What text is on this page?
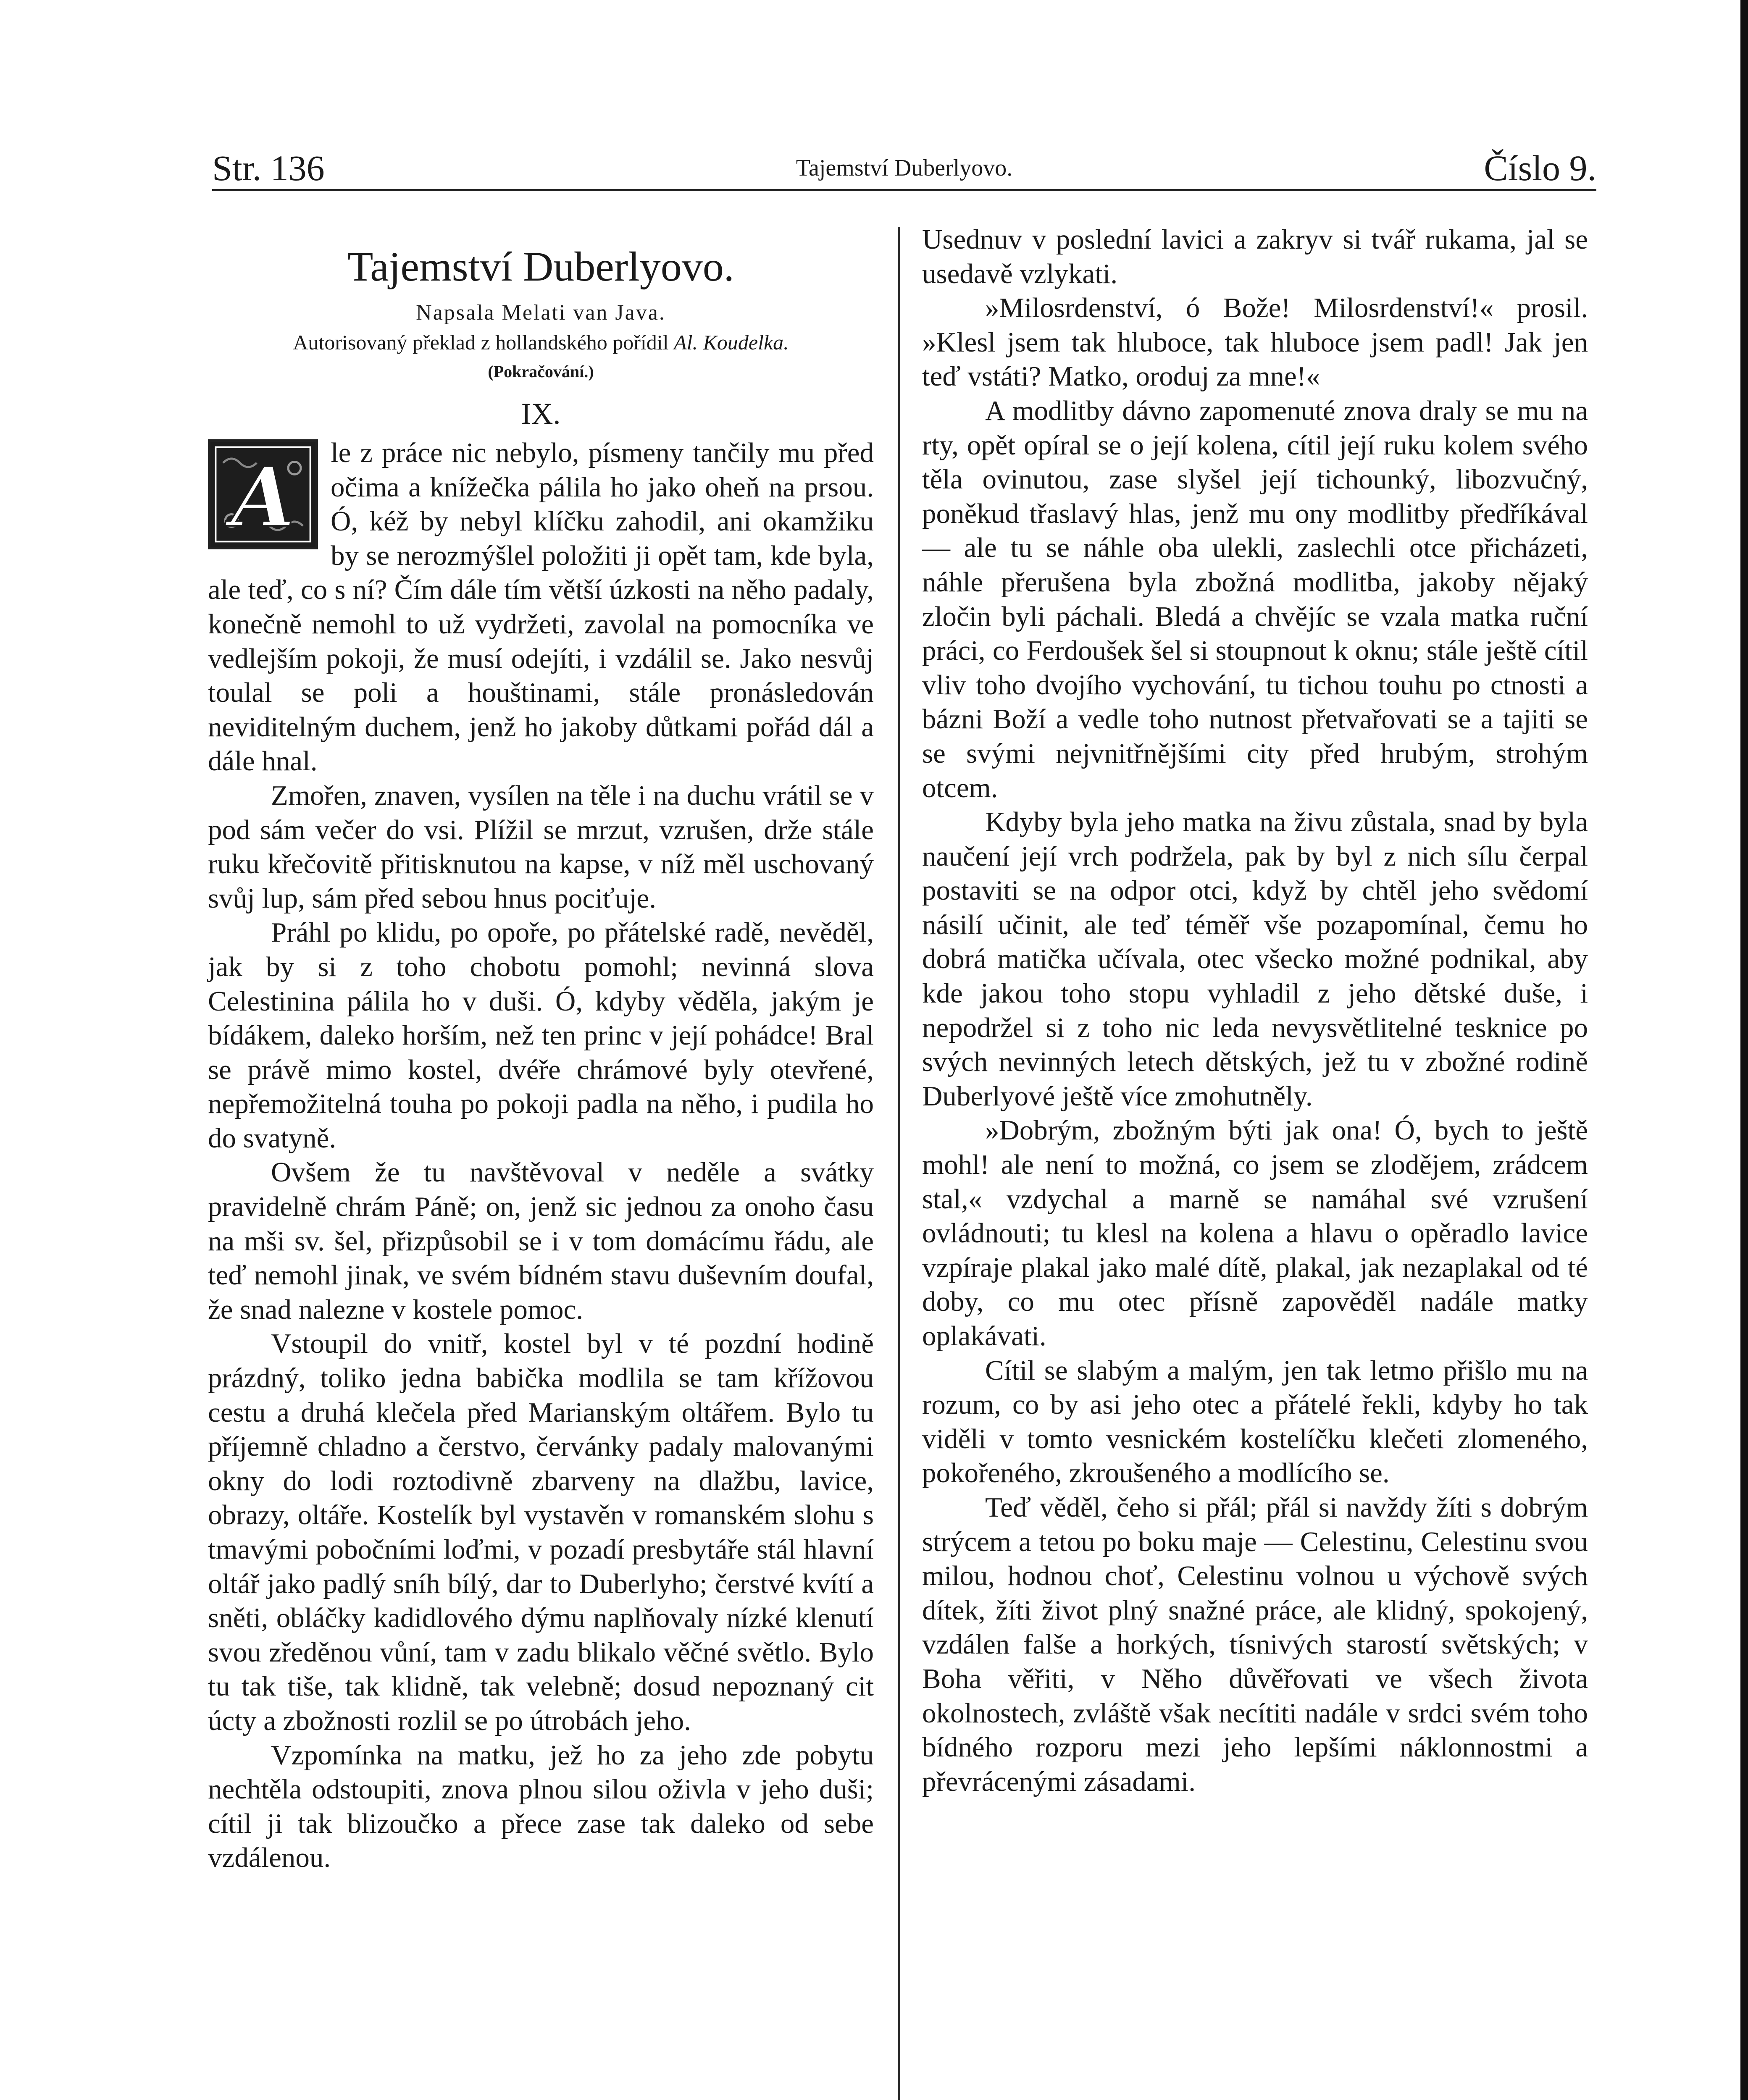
Str. 136	Tajemství Duberlyovo.	Číslo 9.
Tajemství Duberlyovo.
Napsala Melati van Java.
Autorisovaný překlad z hollandského pořídil Al. Koudelka.
(Pokračování.)
IX.
A	le z práce nic nebylo, písmeny tančily mu před očima a knížečka pálila ho jako oheň na prsou. Ó, kéž by nebyl klíčku zahodil, ani okamžiku by se nerozmýšlel položiti ji opět tam, kde byla, ale teď, co s ní? Čím dále tím větší úzkosti na něho padaly, konečně nemohl to už vydržeti, zavolal na pomocníka ve vedlejším pokoji, že musí odejíti, i vzdálil se. Jako nesvůj toulal se poli a houštinami, stále pronásledován neviditelným duchem, jenž ho jakoby důtkami pořád dál a dále hnal.

Zmořen, znaven, vysílen na těle i na duchu vrátil se v pod sám večer do vsi. Plížil se mrzut, vzrušen, drže stále ruku křečovitě přitisknutou na kapse, v níž měl uschovaný svůj lup, sám před sebou hnus pociťuje.

Práhl po klidu, po opoře, po přátelské radě, nevěděl, jak by si z toho chobotu pomohl; nevinná slova Celestinina pálila ho v duši. Ó, kdyby věděla, jakým je bídákem, daleko horším, než ten princ v její pohádce! Bral se právě mimo kostel, dvéře chrámové byly otevřené, nepřemožitelná touha po pokoji padla na něho, i pudila ho do svatyně.

Ovšem že tu navštěvoval v neděle a svátky pravidelně chrám Páně; on, jenž sic jednou za onoho času na mši sv. šel, přizpůsobil se i v tom domácímu řádu, ale teď nemohl jinak, ve svém bídném stavu duševním doufal, že snad nalezne v kostele pomoc.

Vstoupil do vnitř, kostel byl v té pozdní hodině prázdný, toliko jedna babička modlila se tam křížovou cestu a druhá klečela před Marianským oltářem. Bylo tu příjemně chladno a čerstvo, červánky padaly malovanými okny do lodi roztodivně zbarveny na dlažbu, lavice, obrazy, oltáře. Kostelík byl vystavěn v romanském slohu s tmavými pobočními loďmi, v pozadí presbytáře stál hlavní oltář jako padlý sníh bílý, dar to Duberlyho; čerstvé kvítí a sněti, obláčky kadidlového dýmu naplňovaly nízké klenutí svou zředěnou vůní, tam v zadu blikalo věčné světlo. Bylo tu tak tiše, tak klidně, tak velebně; dosud nepoznaný cit úcty a zbožnosti rozlil se po útrobách jeho.

Vzpomínka na matku, jež ho za jeho zde pobytu nechtěla odstoupiti, znova plnou silou oživla v jeho duši; cítil ji tak blizoučko a přece zase tak daleko od sebe vzdálenou.

Usednuv v poslední lavici a zakryv si tvář rukama, jal se usedavě vzlykati.

»Milosrdenství, ó Bože! Milosrdenství!« prosil. »Klesl jsem tak hluboce, tak hluboce jsem padl! Jak jen teď vstáti? Matko, oroduj za mne!«

A modlitby dávno zapomenuté znova draly se mu na rty, opět opíral se o její kolena, cítil její ruku kolem svého těla ovinutou, zase slyšel její tichounký, libozvučný, poněkud třaslavý hlas, jenž mu ony modlitby předříkával — ale tu se náhle oba ulekli, zaslechli otce přicházeti, náhle přerušena byla zbožná modlitba, jakoby nějaký zločin byli páchali. Bledá a chvějíc se vzala matka ruční práci, co Ferdoušek šel si stoupnout k oknu; stále ještě cítil vliv toho dvojího vychování, tu tichou touhu po ctnosti a bázni Boží a vedle toho nutnost přetvařovati se a tajiti se se svými nejvnitřnějšími city před hrubým, strohým otcem.

Kdyby byla jeho matka na živu zůstala, snad by byla naučení její vrch podržela, pak by byl z nich sílu čerpal postaviti se na odpor otci, když by chtěl jeho svědomí násilí učinit, ale teď téměř vše pozapomínal, čemu ho dobrá matička učívala, otec všecko možné podnikal, aby kde jakou toho stopu vyhladil z jeho dětské duše, i nepodržel si z toho nic leda nevysvětlitelné tesknice po svých nevinných letech dětských, jež tu v zbožné rodině Duberlyové ještě více zmohutněly.

»Dobrým, zbožným býti jak ona! Ó, bych to ještě mohl! ale není to možná, co jsem se zlodějem, zrádcem stal,« vzdychal a marně se namáhal své vzrušení ovládnouti; tu klesl na kolena a hlavu o opěradlo lavice vzpíraje plakal jako malé dítě, plakal, jak nezaplakal od té doby, co mu otec přísně zapověděl nadále matky oplakávati.

Cítil se slabým a malým, jen tak letmo přišlo mu na rozum, co by asi jeho otec a přátelé řekli, kdyby ho tak viděli v tomto vesnickém kostelíčku klečeti zlomeného, pokořeného, zkroušeného a modlícího se.

Teď věděl, čeho si přál; přál si navždy žíti s dobrým strýcem a tetou po boku maje — Celestinu, Celestinu svou milou, hodnou choť, Celestinu volnou u výchově svých dítek, žíti život plný snažné práce, ale klidný, spokojený, vzdálen falše a horkých, tísnivých starostí světských; v Boha věřiti, v Něho důvěřovati ve všech života okolnostech, zvláště však necítiti nadále v srdci svém toho bídného rozporu mezi jeho lepšími náklonnostmi a převrácenými zásadami.
